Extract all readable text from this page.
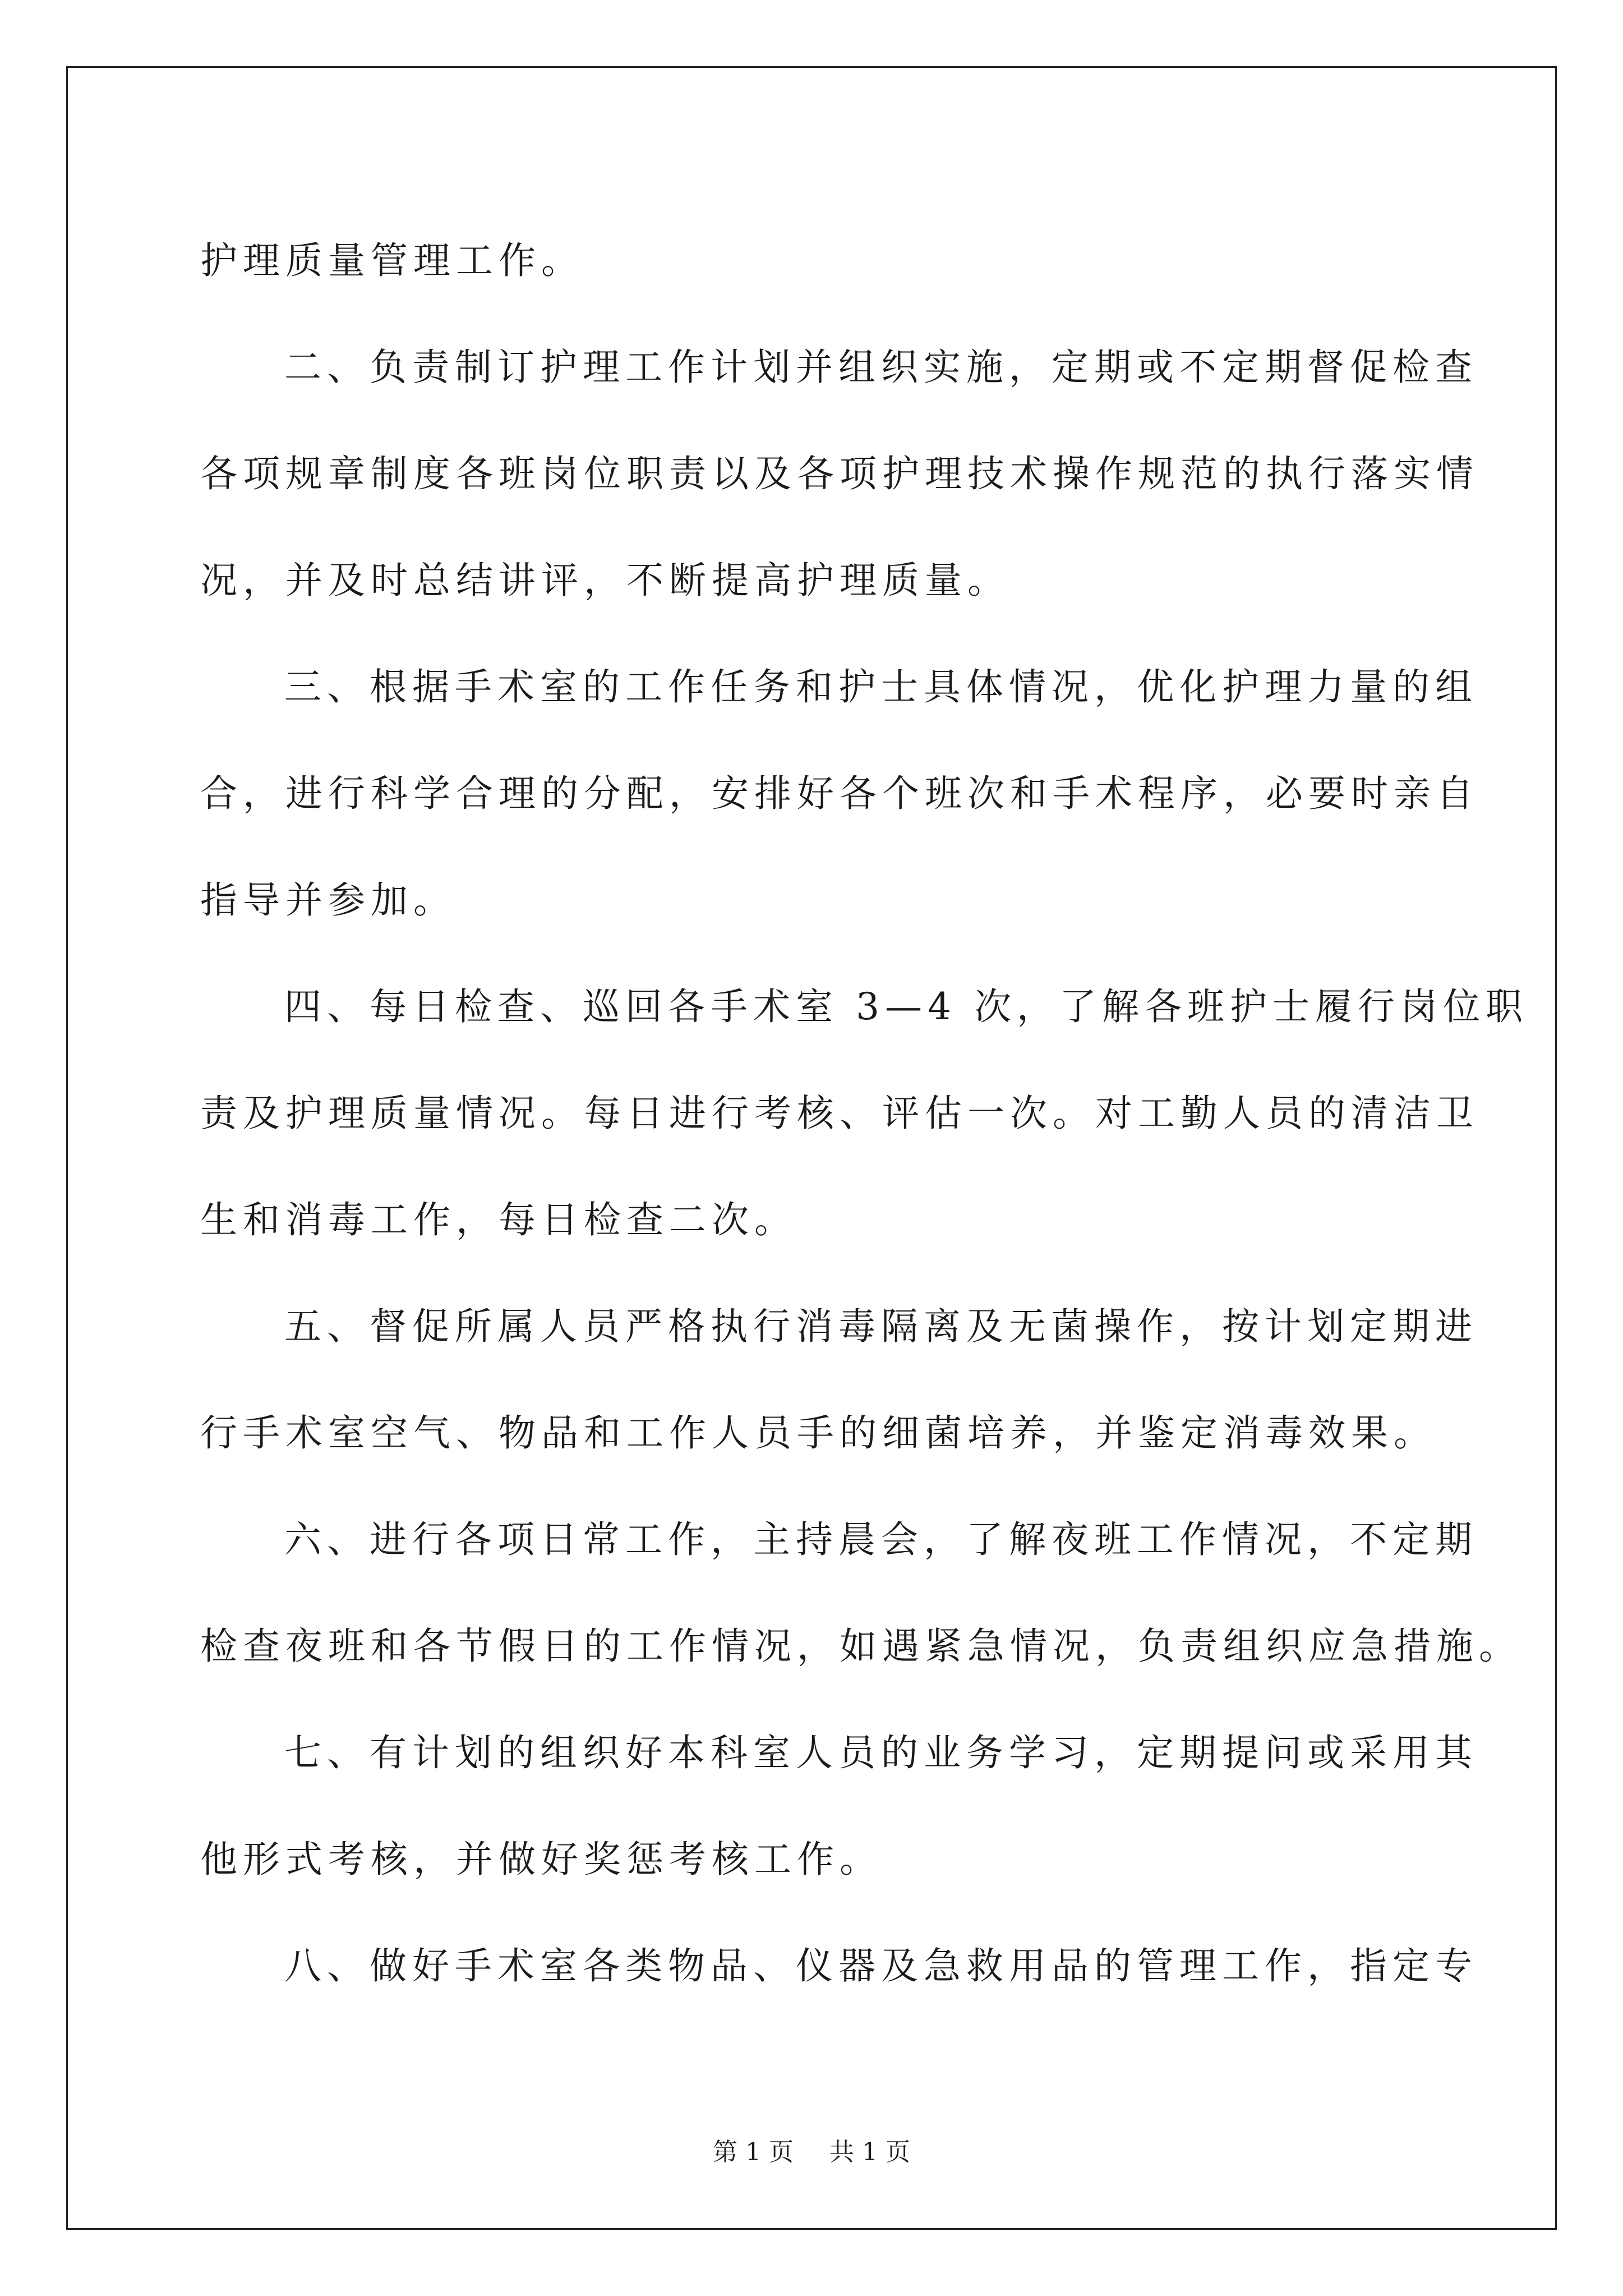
护理质量管理工作。
二、负责制订护理工作计划并组织实施，定期或不定期督促检查
各项规章制度各班岗位职责以及各项护理技术操作规范的执行落实情
况，并及时总结讲评，不断提高护理质量。
三、根据手术室的工作任务和护士具体情况，优化护理力量的组
合，进行科学合理的分配，安排好各个班次和手术程序，必要时亲自
指导并参加。
四、每日检查、巡回各手术室 3—4 次，了解各班护士履行岗位职
责及护理质量情况。每日进行考核、评估一次。对工勤人员的清洁卫
生和消毒工作，每日检查二次。
五、督促所属人员严格执行消毒隔离及无菌操作，按计划定期进
行手术室空气、物品和工作人员手的细菌培养，并鉴定消毒效果。
六、进行各项日常工作，主持晨会，了解夜班工作情况，不定期
检查夜班和各节假日的工作情况，如遇紧急情况，负责组织应急措施。
七、有计划的组织好本科室人员的业务学习，定期提问或采用其
他形式考核，并做好奖惩考核工作。
八、做好手术室各类物品、仪器及急救用品的管理工作，指定专
第 1 页 共 1 页
